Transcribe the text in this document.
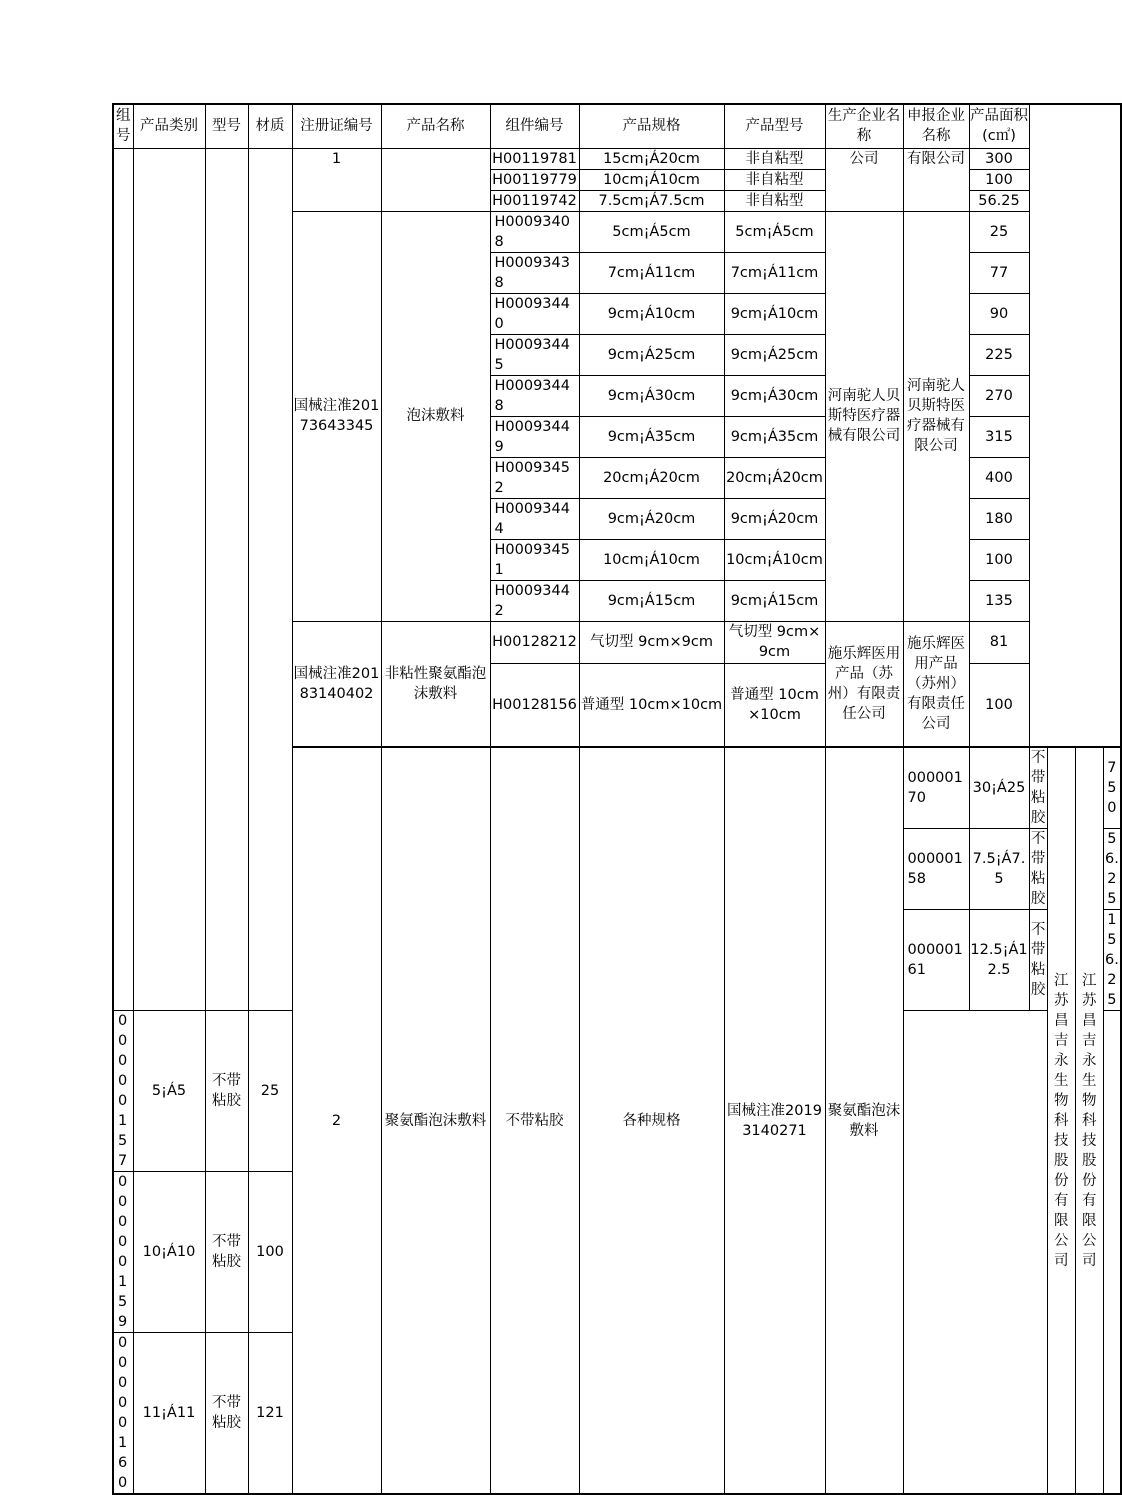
组号	产品类别	型号	材质	注册证编号	产品名称	组件编号	产品规格	产品型号	生产企业名称	申报企业名称	产品面积(c㎡)				
				1		H00119781	15cm¡Á20cm	非自粘型	公司	有限公司	300				
						H00119779	10cm¡Á10cm	非自粘型			100				
						H00119742	7.5cm¡Á7.5cm	非自粘型			56.25				
				国械注准20173643345	泡沫敷料	H00093408	5cm¡Á5cm	5cm¡Á5cm	河南驼人贝斯特医疗器械有限公司	河南驼人贝斯特医疗器械有限公司	25				
						H00093438	7cm¡Á11cm	7cm¡Á11cm			77				
						H00093440	9cm¡Á10cm	9cm¡Á10cm			90				
						H00093445	9cm¡Á25cm	9cm¡Á25cm			225				
						H00093448	9cm¡Á30cm	9cm¡Á30cm			270				
						H00093449	9cm¡Á35cm	9cm¡Á35cm			315				
						H00093452	20cm¡Á20cm	20cm¡Á20cm			400				
						H00093444	9cm¡Á20cm	9cm¡Á20cm			180				
						H00093451	10cm¡Á10cm	10cm¡Á10cm			100				
						H00093442	9cm¡Á15cm	9cm¡Á15cm			135				
				国械注准20183140402	非粘性聚氨酯泡沫敷料	H00128212	气切型 9cm×9cm	气切型 9cm×9cm	施乐辉医用产品（苏州）有限责任公司	施乐辉医用产品（苏州）有限责任公司	81				
						H00128156	普通型 10cm×10cm	普通型 10cm×10cm			100				
				2	聚氨酯泡沫敷料	不带粘胶	各种规格	国械注准20193140271	聚氨酯泡沫敷料	00000170	30¡Á25	不带粘胶	江苏昌吉永生物科技股份有限公司	江苏昌吉永生物科技股份有限公司	750
										00000158	7.5¡Á7.5	不带粘胶			56.25
										00000161	12.5¡Á12.5	不带粘胶			156.25
00000157	5¡Á5	不带粘胶	25												
00000159	10¡Á10	不带粘胶	100												
00000160	11¡Á11	不带粘胶	121												
